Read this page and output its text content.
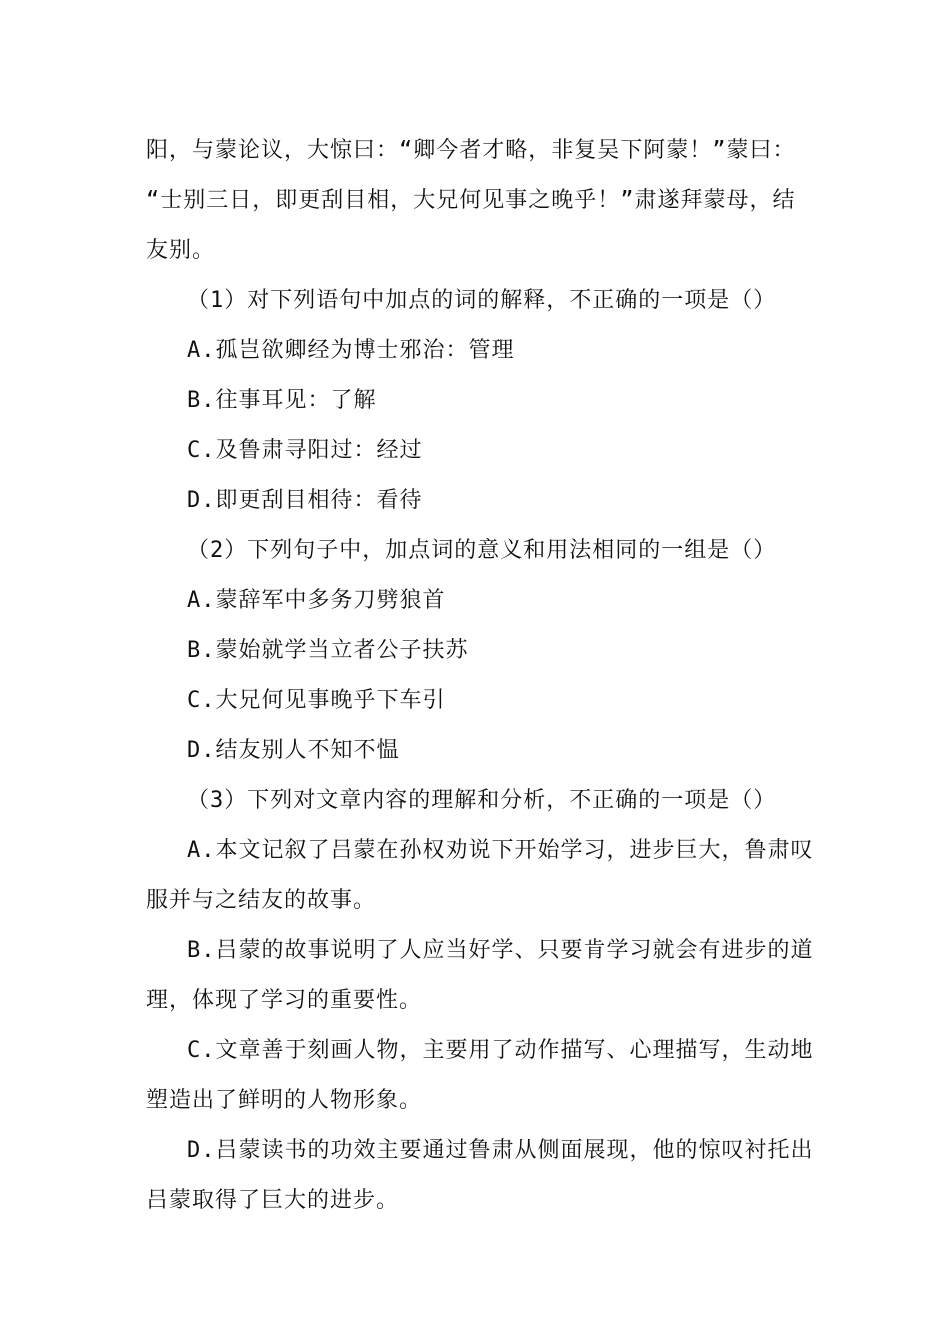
阳，与蒙论议，大惊曰：“卿今者才略，非复吴下阿蒙！”蒙曰：
“士别三日，即更刮目相，大兄何见事之晚乎！”肃遂拜蒙母，结
友别。
（1）对下列语句中加点的词的解释，不正确的一项是（）
A.孤岂欲卿经为博士邪治：管理
B.往事耳见：了解
C.及鲁肃寻阳过：经过
D.即更刮目相待：看待
（2）下列句子中，加点词的意义和用法相同的一组是（）
A.蒙辞军中多务刀劈狼首
B.蒙始就学当立者公子扶苏
C.大兄何见事晚乎下车引
D.结友别人不知不愠
（3）下列对文章内容的理解和分析，不正确的一项是（）
A.本文记叙了吕蒙在孙权劝说下开始学习，进步巨大，鲁肃叹
服并与之结友的故事。
B.吕蒙的故事说明了人应当好学、只要肯学习就会有进步的道
理，体现了学习的重要性。
C.文章善于刻画人物，主要用了动作描写、心理描写，生动地
塑造出了鲜明的人物形象。
D.吕蒙读书的功效主要通过鲁肃从侧面展现，他的惊叹衬托出
吕蒙取得了巨大的进步。
